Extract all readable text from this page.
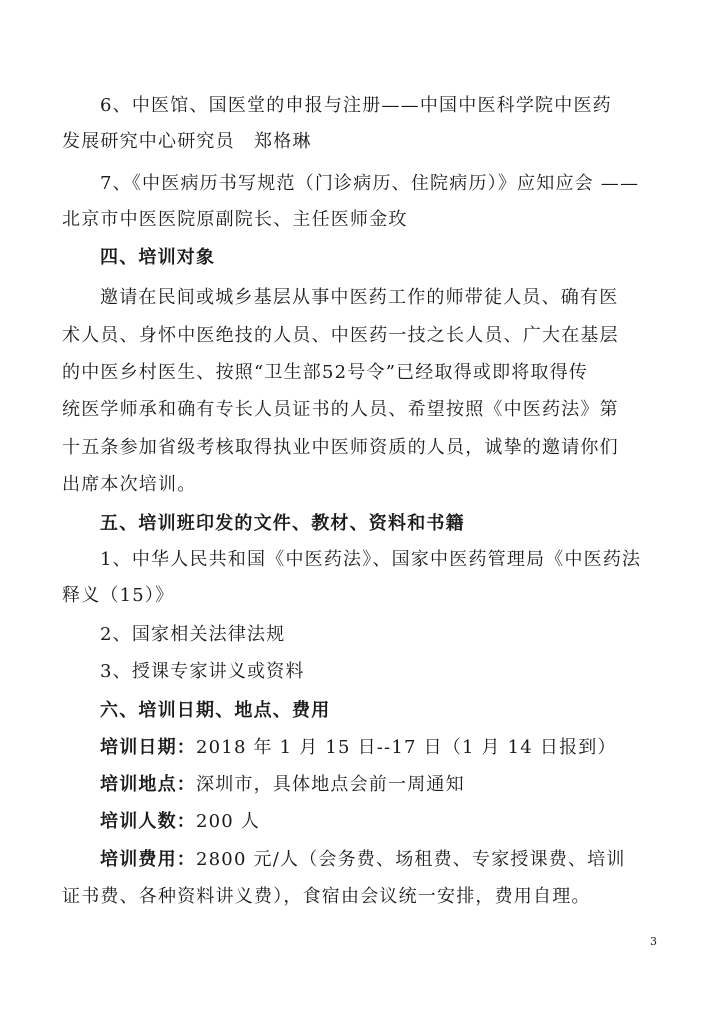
6、中医馆、国医堂的申报与注册——中国中医科学院中医药
发展研究中心研究员　郑格琳
7、《中医病历书写规范（门诊病历、住院病历）》应知应会 ——
北京市中医医院原副院长、主任医师金玫
四、培训对象
邀请在民间或城乡基层从事中医药工作的师带徒人员、确有医
术人员、身怀中医绝技的人员、中医药一技之长人员、广大在基层
的中医乡村医生、按照“卫生部52号令”已经取得或即将取得传
统医学师承和确有专长人员证书的人员、希望按照《中医药法》第
十五条参加省级考核取得执业中医师资质的人员，诚挚的邀请你们
出席本次培训。
五、培训班印发的文件、教材、资料和书籍
1、中华人民共和国《中医药法》、国家中医药管理局《中医药法
释义（15）》
2、国家相关法律法规
3、授课专家讲义或资料
六、培训日期、地点、费用
培训日期：2018 年 1 月 15 日--17 日（1 月 14 日报到）
培训地点：深圳市，具体地点会前一周通知
培训人数：200 人
培训费用：2800 元/人（会务费、场租费、专家授课费、培训
证书费、各种资料讲义费），食宿由会议统一安排，费用自理。
3
